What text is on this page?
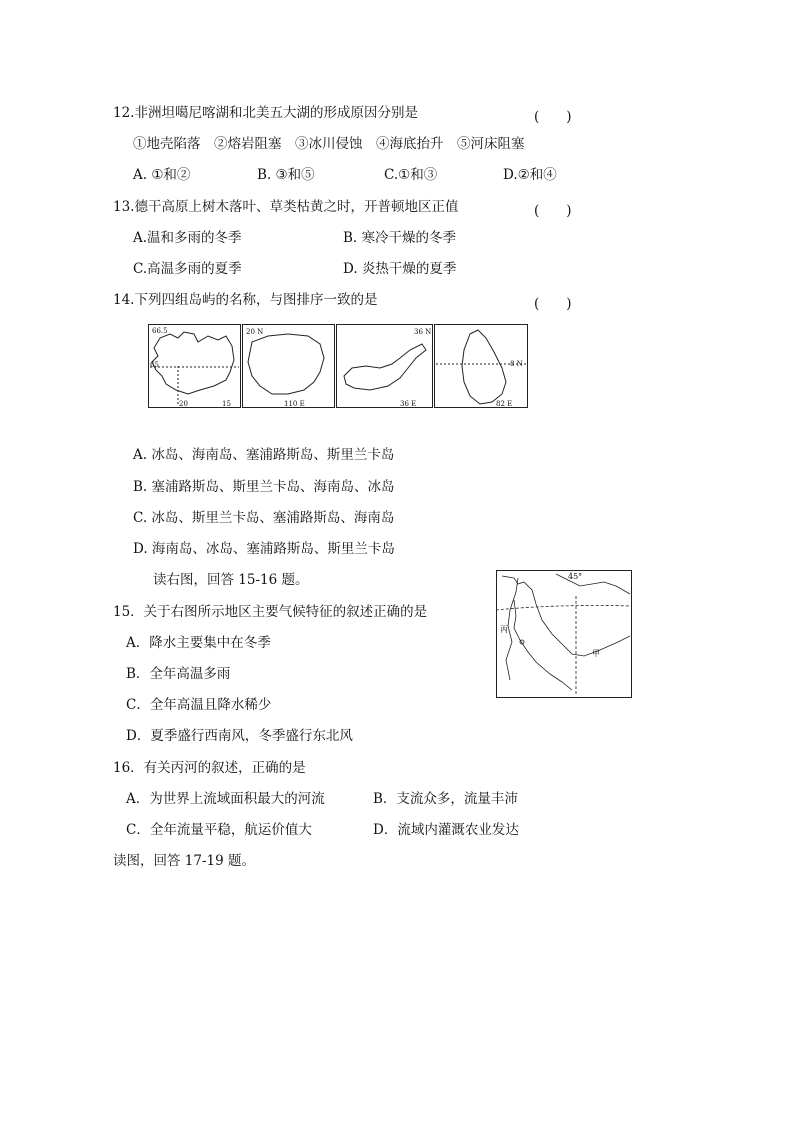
12.非洲坦噶尼喀湖和北美五大湖的形成原因分别是	(　　)
①地壳陷落　②熔岩阻塞　③冰川侵蚀　④海底抬升　⑤河床阻塞
A. ①和②	B. ③和⑤	C.①和③	D.②和④
13.德干高原上树木落叶、草类枯黄之时，开普顿地区正值	(　　)
A.温和多雨的冬季	B. 寒冷干燥的冬季
C.高温多雨的夏季	D. 炎热干燥的夏季
14.下列四组岛屿的名称，与图排序一致的是	(　　)
66.5
65
20	15
20 N
110 E
36 N
36 E
8 N
82 E
A. 冰岛、海南岛、塞浦路斯岛、斯里兰卡岛
B. 塞浦路斯岛、斯里兰卡岛、海南岛、冰岛
C. 冰岛、斯里兰卡岛、塞浦路斯岛、海南岛
D. 海南岛、冰岛、塞浦路斯岛、斯里兰卡岛
读右图，回答 15-16 题。	45°
丙
甲
15．关于右图所示地区主要气候特征的叙述正确的是
A．降水主要集中在冬季
B．全年高温多雨
C．全年高温且降水稀少
D．夏季盛行西南风，冬季盛行东北风
16．有关丙河的叙述，正确的是
A．为世界上流域面积最大的河流	B．支流众多，流量丰沛
C．全年流量平稳，航运价值大	D．流域内灌溉农业发达
读图，回答 17-19 题。
